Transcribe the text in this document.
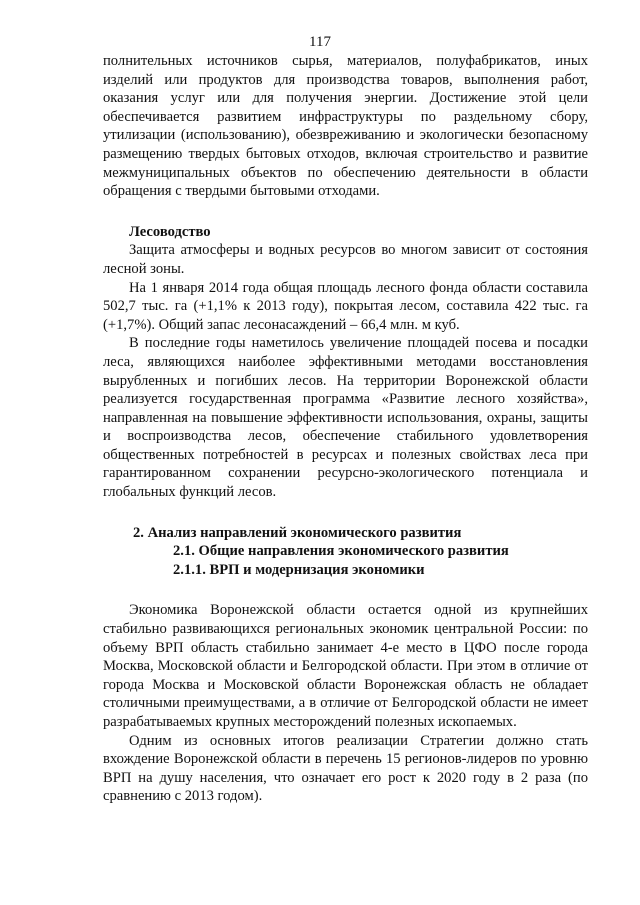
117

полнительных источников сырья, материалов, полуфабрикатов, иных изделий или продуктов для производства товаров, выполнения работ, оказания услуг или для получения энергии. Достижение этой цели обеспечивается развитием инфраструктуры по раздельному сбору, утилизации (использованию), обезвреживанию и экологически безопасному размещению твердых бытовых отходов, включая строительство и развитие межмуниципальных объектов по обеспечению деятельности в области обращения с твердыми бытовыми отходами.

Лесоводство

Защита атмосферы и водных ресурсов во многом зависит от состояния лесной зоны.

На 1 января 2014 года общая площадь лесного фонда области составила 502,7 тыс. га (+1,1% к 2013 году), покрытая лесом, составила 422 тыс. га (+1,7%). Общий запас лесонасаждений – 66,4 млн. м куб.

В последние годы наметилось увеличение площадей посева и посадки леса, являющихся наиболее эффективными методами восстановления вырубленных и погибших лесов. На территории Воронежской области реализуется государственная программа «Развитие лесного хозяйства», направленная на повышение эффективности использования, охраны, защиты и воспроизводства лесов, обеспечение стабильного удовлетворения общественных потребностей в ресурсах и полезных свойствах леса при гарантированном сохранении ресурсно-экологического потенциала и глобальных функций лесов.

2. Анализ направлений экономического развития
2.1. Общие направления экономического развития
2.1.1. ВРП и модернизация экономики

Экономика Воронежской области остается одной из крупнейших стабильно развивающихся региональных экономик центральной России: по объему ВРП область стабильно занимает 4-е место в ЦФО после города Москва, Московской области и Белгородской области. При этом в отличие от города Москва и Московской области Воронежская область не обладает столичными преимуществами, а в отличие от Белгородской области не имеет разрабатываемых крупных месторождений полезных ископаемых.

Одним из основных итогов реализации Стратегии должно стать вхождение Воронежской области в перечень 15 регионов-лидеров по уровню ВРП на душу населения, что означает его рост к 2020 году в 2 раза (по сравнению с 2013 годом).
